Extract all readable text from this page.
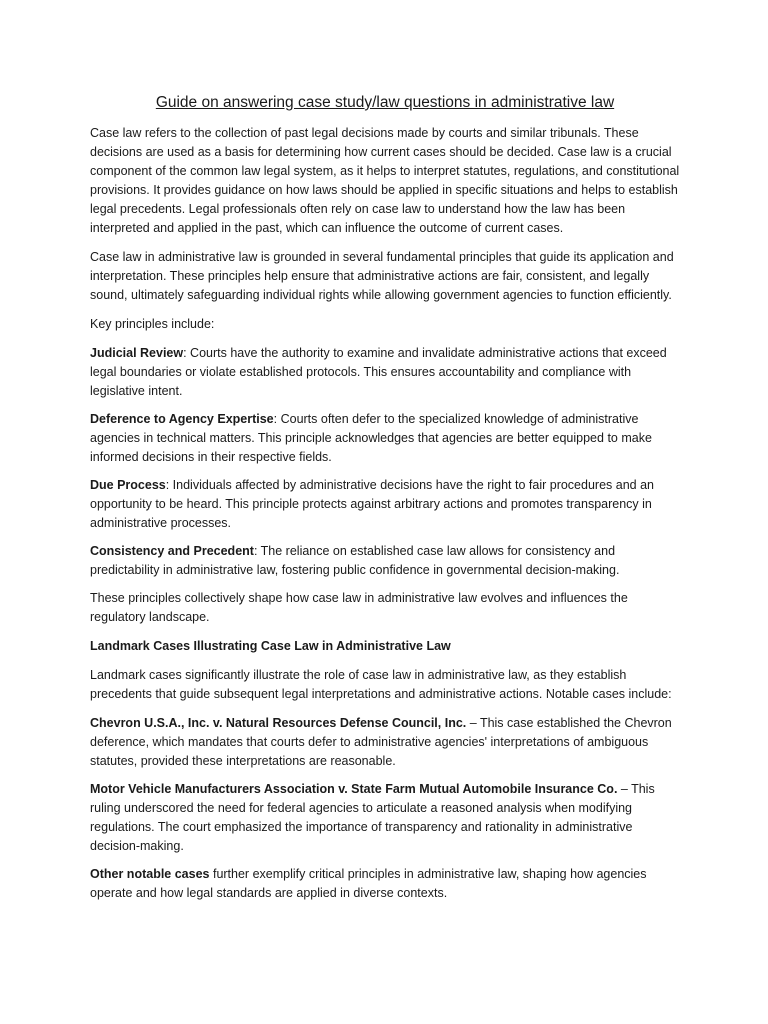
Guide on answering case study/law questions in administrative law

Case law refers to the collection of past legal decisions made by courts and similar tribunals. These decisions are used as a basis for determining how current cases should be decided. Case law is a crucial component of the common law legal system, as it helps to interpret statutes, regulations, and constitutional provisions. It provides guidance on how laws should be applied in specific situations and helps to establish legal precedents. Legal professionals often rely on case law to understand how the law has been interpreted and applied in the past, which can influence the outcome of current cases.

Case law in administrative law is grounded in several fundamental principles that guide its application and interpretation. These principles help ensure that administrative actions are fair, consistent, and legally sound, ultimately safeguarding individual rights while allowing government agencies to function efficiently.

Key principles include:

Judicial Review: Courts have the authority to examine and invalidate administrative actions that exceed legal boundaries or violate established protocols. This ensures accountability and compliance with legislative intent.

Deference to Agency Expertise: Courts often defer to the specialized knowledge of administrative agencies in technical matters. This principle acknowledges that agencies are better equipped to make informed decisions in their respective fields.

Due Process: Individuals affected by administrative decisions have the right to fair procedures and an opportunity to be heard. This principle protects against arbitrary actions and promotes transparency in administrative processes.

Consistency and Precedent: The reliance on established case law allows for consistency and predictability in administrative law, fostering public confidence in governmental decision-making.

These principles collectively shape how case law in administrative law evolves and influences the regulatory landscape.

Landmark Cases Illustrating Case Law in Administrative Law

Landmark cases significantly illustrate the role of case law in administrative law, as they establish precedents that guide subsequent legal interpretations and administrative actions. Notable cases include:

Chevron U.S.A., Inc. v. Natural Resources Defense Council, Inc. – This case established the Chevron deference, which mandates that courts defer to administrative agencies' interpretations of ambiguous statutes, provided these interpretations are reasonable.

Motor Vehicle Manufacturers Association v. State Farm Mutual Automobile Insurance Co. – This ruling underscored the need for federal agencies to articulate a reasoned analysis when modifying regulations. The court emphasized the importance of transparency and rationality in administrative decision-making.

Other notable cases further exemplify critical principles in administrative law, shaping how agencies operate and how legal standards are applied in diverse contexts.
